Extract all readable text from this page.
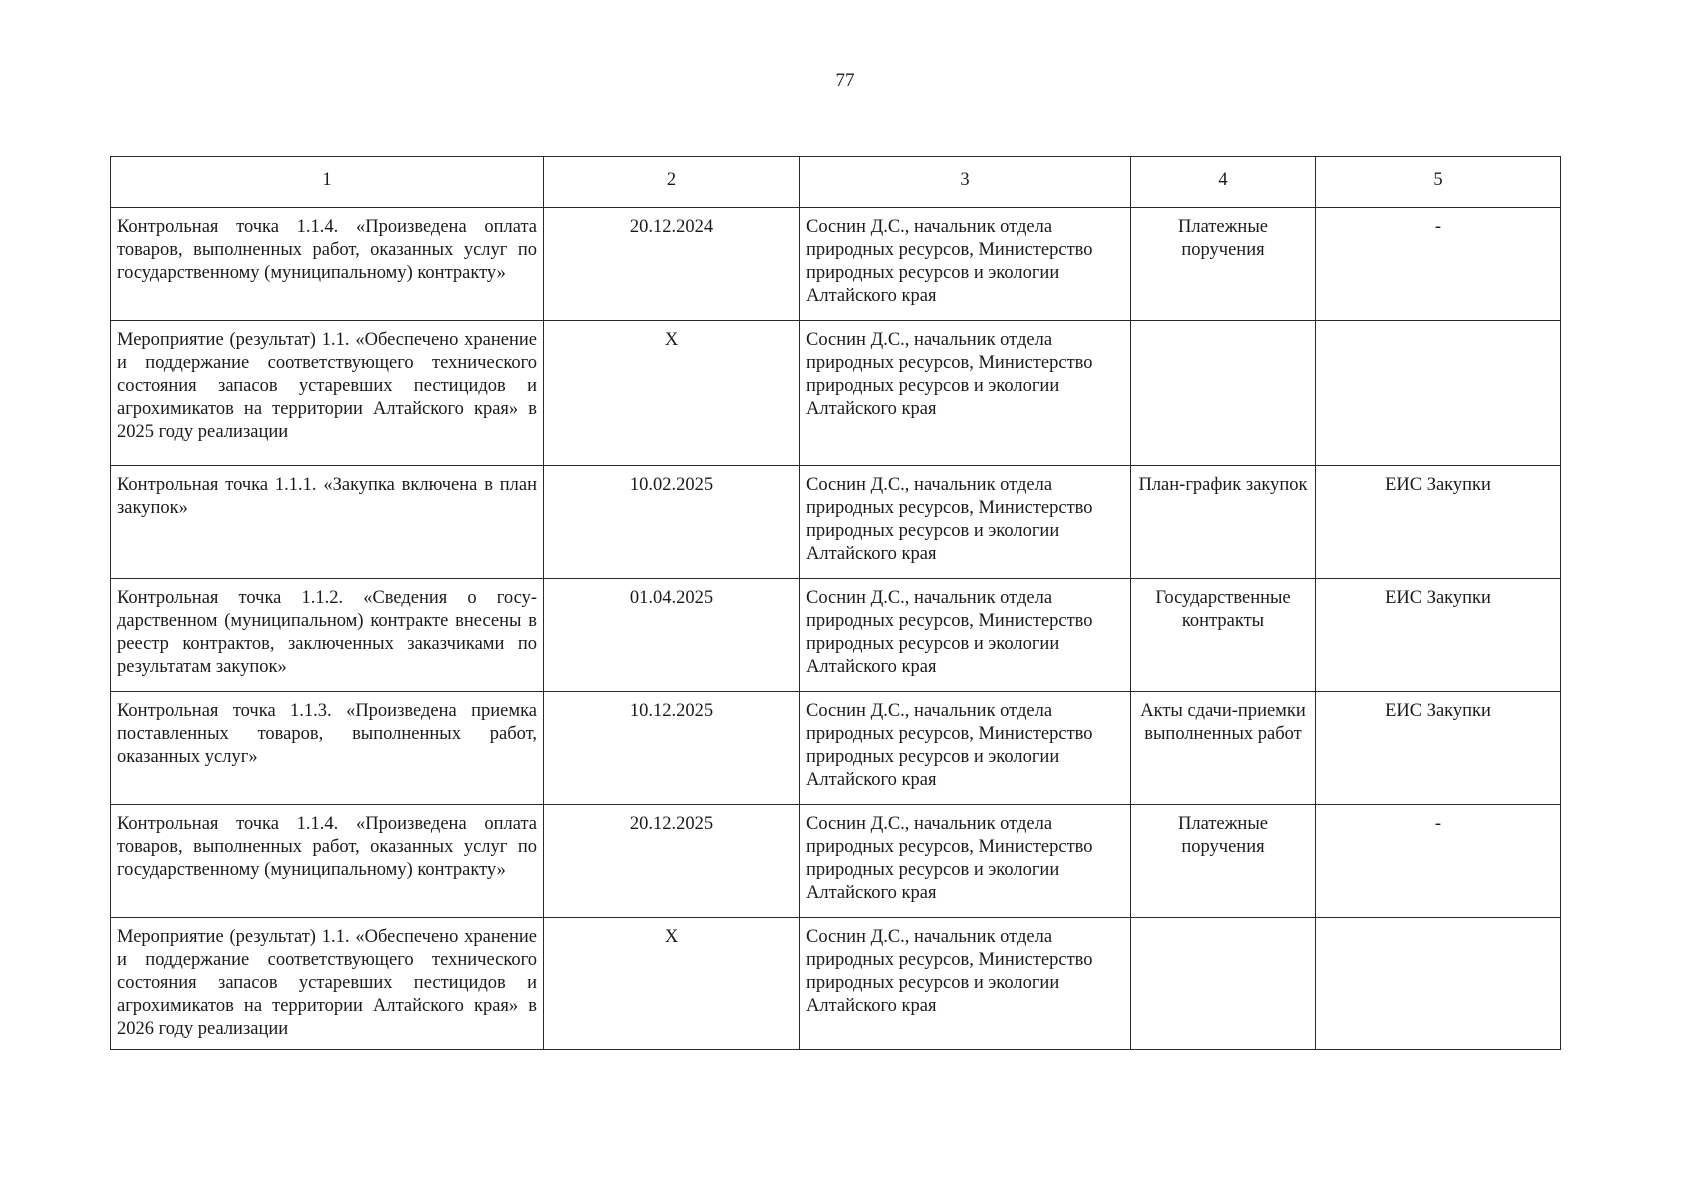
77
1	2	3	4	5
Контрольная точка 1.1.4. «Произведена оплата товаров, выполненных работ, оказанных услуг по государственному (муниципальному) контракту»	20.12.2024	Соснин Д.С., начальник отдела природных ресурсов, Министерство природных ресурсов и экологии Алтайского края	Платежные поручения	-
Мероприятие (результат) 1.1. «Обеспечено хранение и поддержание соответствующего технического состояния запасов устаревших пестицидов и агрохимикатов на территории Алтайского края» в 2025 году реализации	X	Соснин Д.С., начальник отдела природных ресурсов, Министерство природных ресурсов и экологии Алтайского края		
Контрольная точка 1.1.1. «Закупка включена в план закупок»	10.02.2025	Соснин Д.С., начальник отдела природных ресурсов, Министерство природных ресурсов и экологии Алтайского края	План-график закупок	ЕИС Закупки
Контрольная точка 1.1.2. «Сведения о государственном (муниципальном) контракте внесены в реестр контрактов, заключенных заказчиками по результатам закупок»	01.04.2025	Соснин Д.С., начальник отдела природных ресурсов, Министерство природных ресурсов и экологии Алтайского края	Государственные контракты	ЕИС Закупки
Контрольная точка 1.1.3. «Произведена приемка поставленных товаров, выполненных работ, оказанных услуг»	10.12.2025	Соснин Д.С., начальник отдела природных ресурсов, Министерство природных ресурсов и экологии Алтайского края	Акты сдачи-приемки выполненных работ	ЕИС Закупки
Контрольная точка 1.1.4. «Произведена оплата товаров, выполненных работ, оказанных услуг по государственному (муниципальному) контракту»	20.12.2025	Соснин Д.С., начальник отдела природных ресурсов, Министерство природных ресурсов и экологии Алтайского края	Платежные поручения	-
Мероприятие (результат) 1.1. «Обеспечено хранение и поддержание соответствующего технического состояния запасов устаревших пестицидов и агрохимикатов на территории Алтайского края» в 2026 году реализации	X	Соснин Д.С., начальник отдела природных ресурсов, Министерство природных ресурсов и экологии Алтайского края		
